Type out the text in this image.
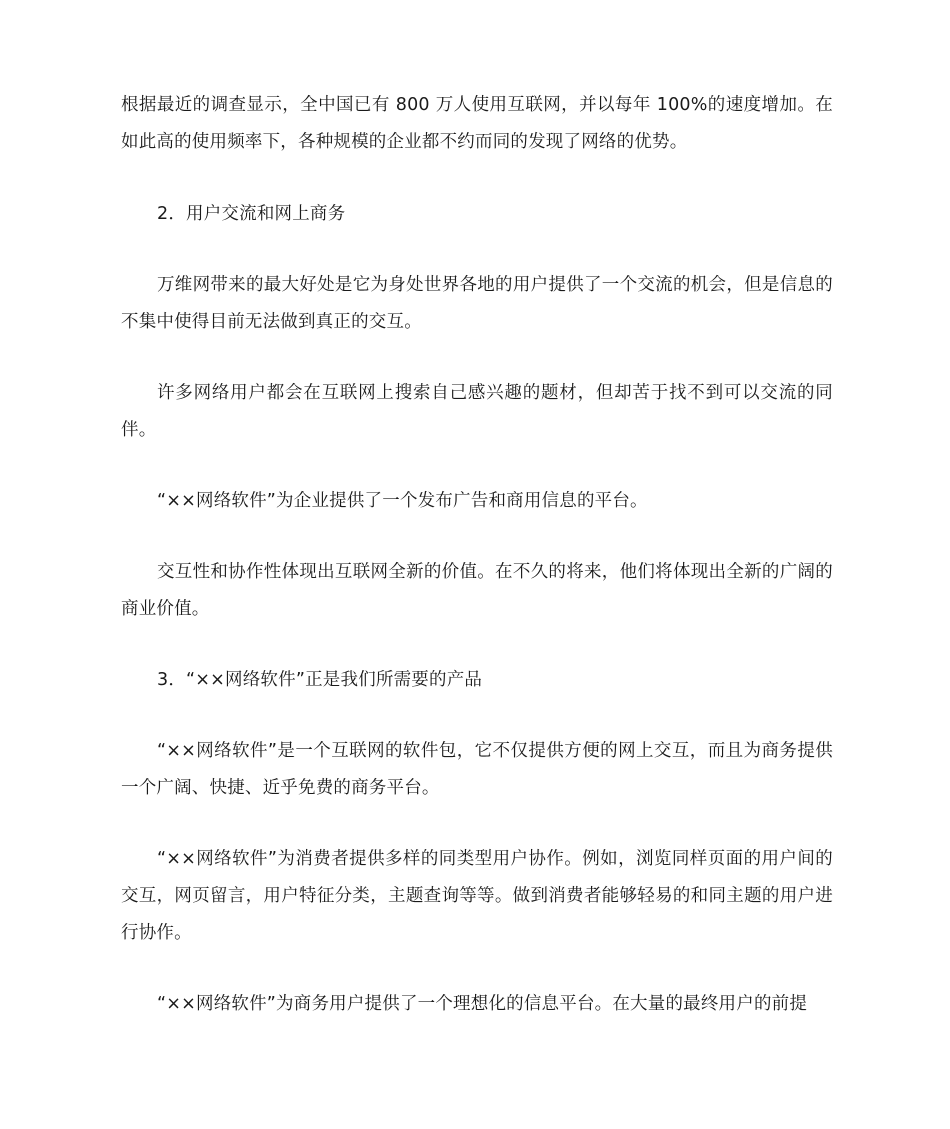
根据最近的调查显示，全中国已有 800 万人使用互联网，并以每年 100%的速度增加。在如此高的使用频率下，各种规模的企业都不约而同的发现了网络的优势。

2．用户交流和网上商务

万维网带来的最大好处是它为身处世界各地的用户提供了一个交流的机会，但是信息的不集中使得目前无法做到真正的交互。

许多网络用户都会在互联网上搜索自己感兴趣的题材，但却苦于找不到可以交流的同伴。

“××网络软件”为企业提供了一个发布广告和商用信息的平台。

交互性和协作性体现出互联网全新的价值。在不久的将来，他们将体现出全新的广阔的商业价值。

3．“××网络软件”正是我们所需要的产品

“××网络软件”是一个互联网的软件包，它不仅提供方便的网上交互，而且为商务提供一个广阔、快捷、近乎免费的商务平台。

“××网络软件”为消费者提供多样的同类型用户协作。例如，浏览同样页面的用户间的交互，网页留言，用户特征分类，主题查询等等。做到消费者能够轻易的和同主题的用户进行协作。

“××网络软件”为商务用户提供了一个理想化的信息平台。在大量的最终用户的前提
